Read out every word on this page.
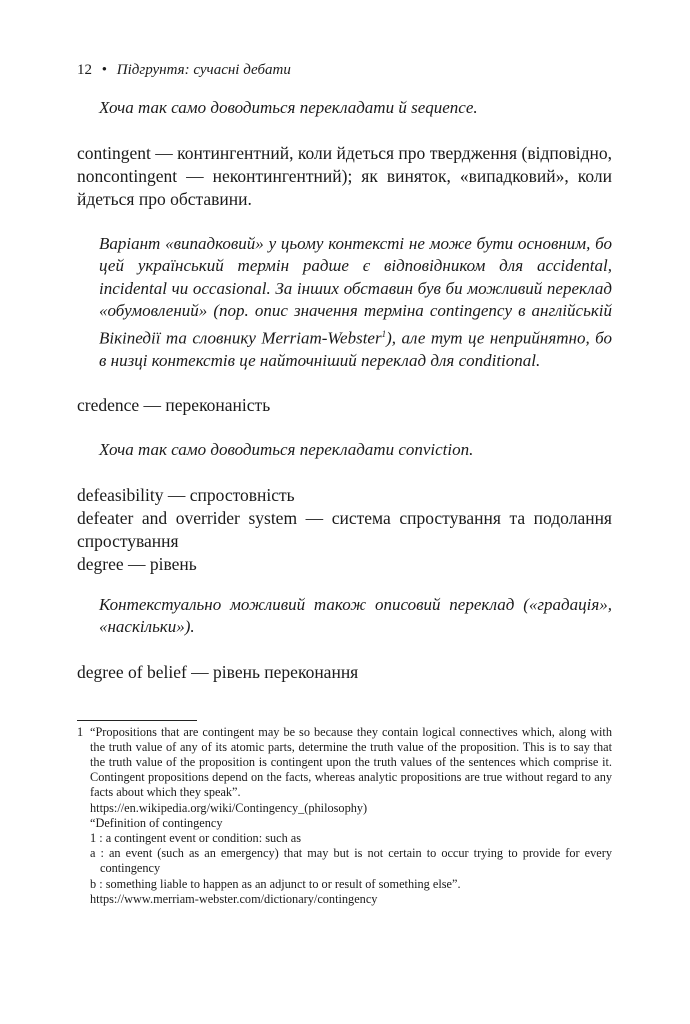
12 • Підгрунтя: сучасні дебати

Хоча так само доводиться перекладати й sequence.

contingent — контингентний, коли йдеться про твердження (відповідно, noncontingent — неконтингентний); як виняток, «випадковий», коли йдеться про обставини.

Варіант «випадковий» у цьому контексті не може бути основним, бо цей український термін радше є відповідником для accidental, incidental чи occasional. За інших обставин був би можливий переклад «обумовлений» (пор. опис значення терміна contingency в англійській Вікіпедії та словнику Merriam-Webster$^1$), але тут це неприйнятно, бо в низці контекстів це найточніший переклад для conditional.

credence — переконаність

Хоча так само доводиться перекладати conviction.

defeasibility — спростовність

defeater and overrider system — система спростування та подолання спростування

degree — рівень

Контекстуально можливий також описовий переклад («градація», «наскільки»).

degree of belief — рівень переконання

1 “Propositions that are contingent may be so because they contain logical connectives which, along with the truth value of any of its atomic parts, determine the truth value of the proposition. This is to say that the truth value of the proposition is contingent upon the truth values of the sentences which comprise it. Contingent propositions depend on the facts, whereas analytic propositions are true without regard to any facts about which they speak”.
https://en.wikipedia.org/wiki/Contingency_(philosophy)
“Definition of contingency
1 : a contingent event or condition: such as
a : an event (such as an emergency) that may but is not certain to occur trying to provide for every contingency
b : something liable to happen as an adjunct to or result of something else”.
https://www.merriam-webster.com/dictionary/contingency
